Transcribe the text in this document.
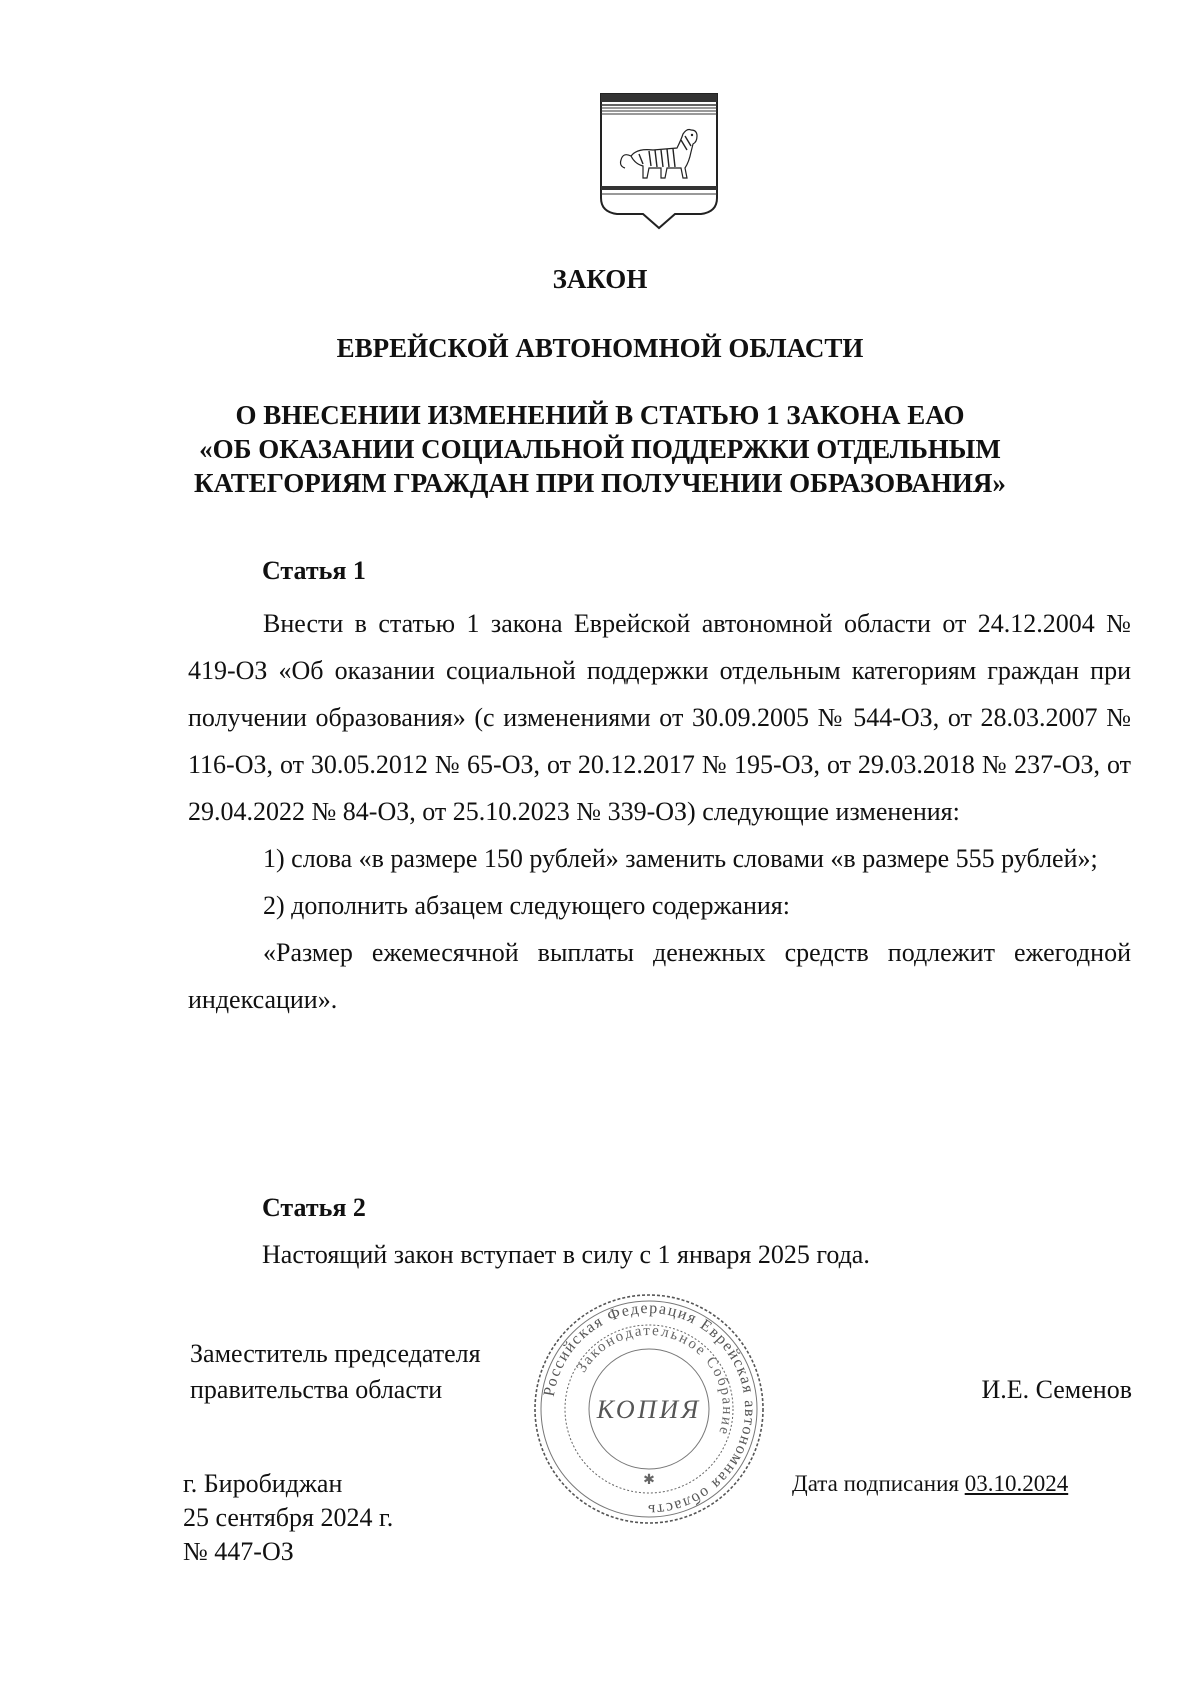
ЗАКОН
ЕВРЕЙСКОЙ АВТОНОМНОЙ ОБЛАСТИ
О ВНЕСЕНИИ ИЗМЕНЕНИЙ В СТАТЬЮ 1 ЗАКОНА ЕАО
«ОБ ОКАЗАНИИ СОЦИАЛЬНОЙ ПОДДЕРЖКИ ОТДЕЛЬНЫМ
КАТЕГОРИЯМ ГРАЖДАН ПРИ ПОЛУЧЕНИИ ОБРАЗОВАНИЯ»
Статья 1

Внести в статью 1 закона Еврейской автономной области от 24.12.2004 № 419-ОЗ «Об оказании социальной поддержки отдельным категориям граждан при получении образования» (с изменениями от 30.09.2005 № 544-ОЗ, от 28.03.2007 № 116-ОЗ, от 30.05.2012 № 65-ОЗ, от 20.12.2017 № 195-ОЗ, от 29.03.2018 № 237-ОЗ, от 29.04.2022 № 84-ОЗ, от 25.10.2023 № 339-ОЗ) следующие изменения:

1) слова «в размере 150 рублей» заменить словами «в размере 555 рублей»;

2) дополнить абзацем следующего содержания:

«Размер ежемесячной выплаты денежных средств подлежит ежегодной индексации».

Статья 2
Настоящий закон вступает в силу с 1 января 2025 года.
Заместитель председателя
правительства области	И.Е. Семенов
Российская Федерация Еврейская автономная область
Законодательное Собрание
КОПИЯ
✱
г. Биробиджан
25 сентября 2024 г.
№ 447-ОЗ
Дата подписания 03.10.2024
